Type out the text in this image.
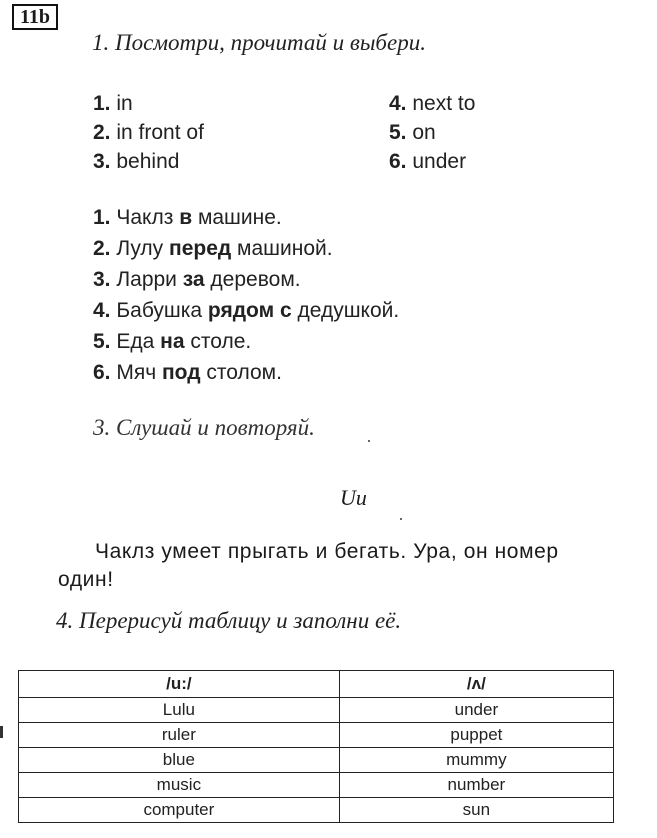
11b
1. Посмотри, прочитай и выбери.
1. in
2. in front of
3. behind
4. next to
5. on
6. under
1. Чаклз в машине.
2. Лулу перед машиной.
3. Ларри за деревом.
4. Бабушка рядом с дедушкой.
5. Еда на столе.
6. Мяч под столом.
3. Слушай и повторяй.
Uu
Чаклз умеет прыгать и бегать. Ура, он номер
один!
4. Перерисуй таблицу и заполни её.
/u:/	/ʌ/
Lulu	under
ruler	puppet
blue	mummy
music	number
computer	sun
